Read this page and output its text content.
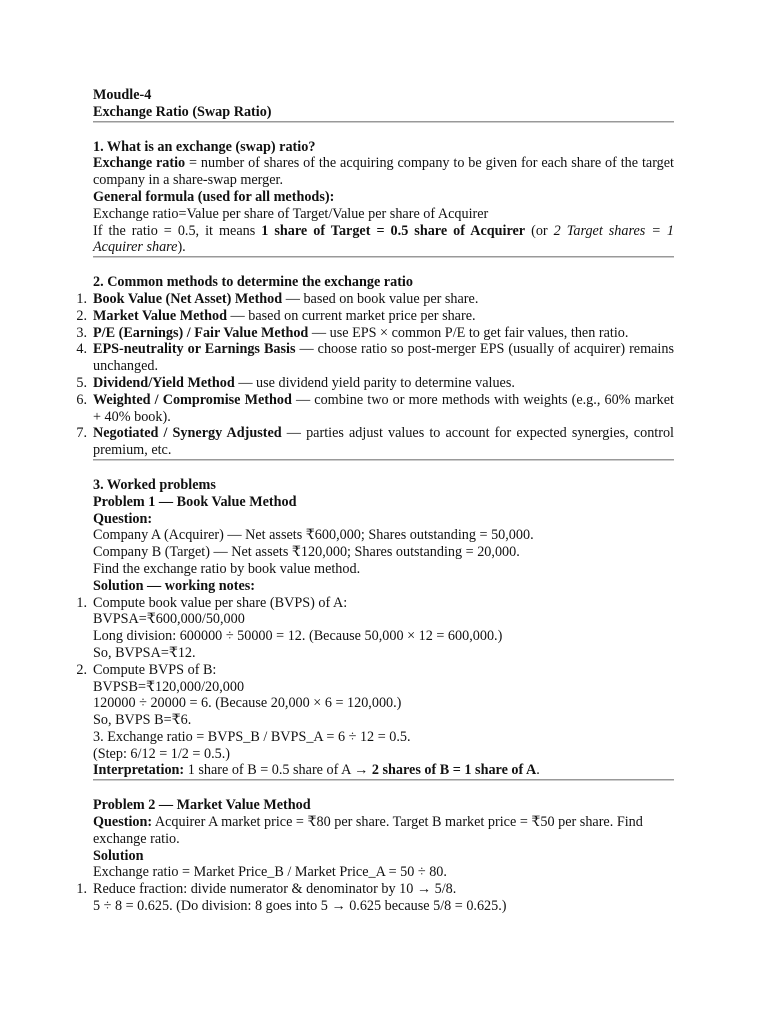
Moudle-4

Exchange Ratio (Swap Ratio)

1. What is an exchange (swap) ratio?

Exchange ratio = number of shares of the acquiring company to be given for each share of the target company in a share-swap merger.

General formula (used for all methods):

Exchange ratio=Value per share of Target/Value per share of Acquirer

If the ratio = 0.5, it means 1 share of Target = 0.5 share of Acquirer (or 2 Target shares = 1 Acquirer share).

2. Common methods to determine the exchange ratio

1. Book Value (Net Asset) Method — based on book value per share.

2. Market Value Method — based on current market price per share.

3. P/E (Earnings) / Fair Value Method — use EPS × common P/E to get fair values, then ratio.

4. EPS-neutrality or Earnings Basis — choose ratio so post-merger EPS (usually of acquirer) remains unchanged.

5. Dividend/Yield Method — use dividend yield parity to determine values.

6. Weighted / Compromise Method — combine two or more methods with weights (e.g., 60% market + 40% book).

7. Negotiated / Synergy Adjusted — parties adjust values to account for expected synergies, control premium, etc.

3. Worked problems

Problem 1 — Book Value Method

Question:

Company A (Acquirer) — Net assets ₹600,000; Shares outstanding = 50,000.

Company B (Target) — Net assets ₹120,000; Shares outstanding = 20,000.

Find the exchange ratio by book value method.

Solution — working notes:

1. Compute book value per share (BVPS) of A:

BVPSA=₹600,000/50,000

Long division: 600000 ÷ 50000 = 12. (Because 50,000 × 12 = 600,000.)

So, BVPSA=₹12.

2. Compute BVPS of B:

BVPSB=₹120,000/20,000

120000 ÷ 20000 = 6. (Because 20,000 × 6 = 120,000.)

So, BVPS B=₹6.

3. Exchange ratio = BVPS_B / BVPS_A = 6 ÷ 12 = 0.5.

(Step: 6/12 = 1/2 = 0.5.)

Interpretation: 1 share of B = 0.5 share of A → 2 shares of B = 1 share of A.

Problem 2 — Market Value Method

Question: Acquirer A market price = ₹80 per share. Target B market price = ₹50 per share. Find exchange ratio.

Solution

Exchange ratio = Market Price_B / Market Price_A = 50 ÷ 80.

1. Reduce fraction: divide numerator & denominator by 10 → 5/8.

5 ÷ 8 = 0.625. (Do division: 8 goes into 5 → 0.625 because 5/8 = 0.625.)
